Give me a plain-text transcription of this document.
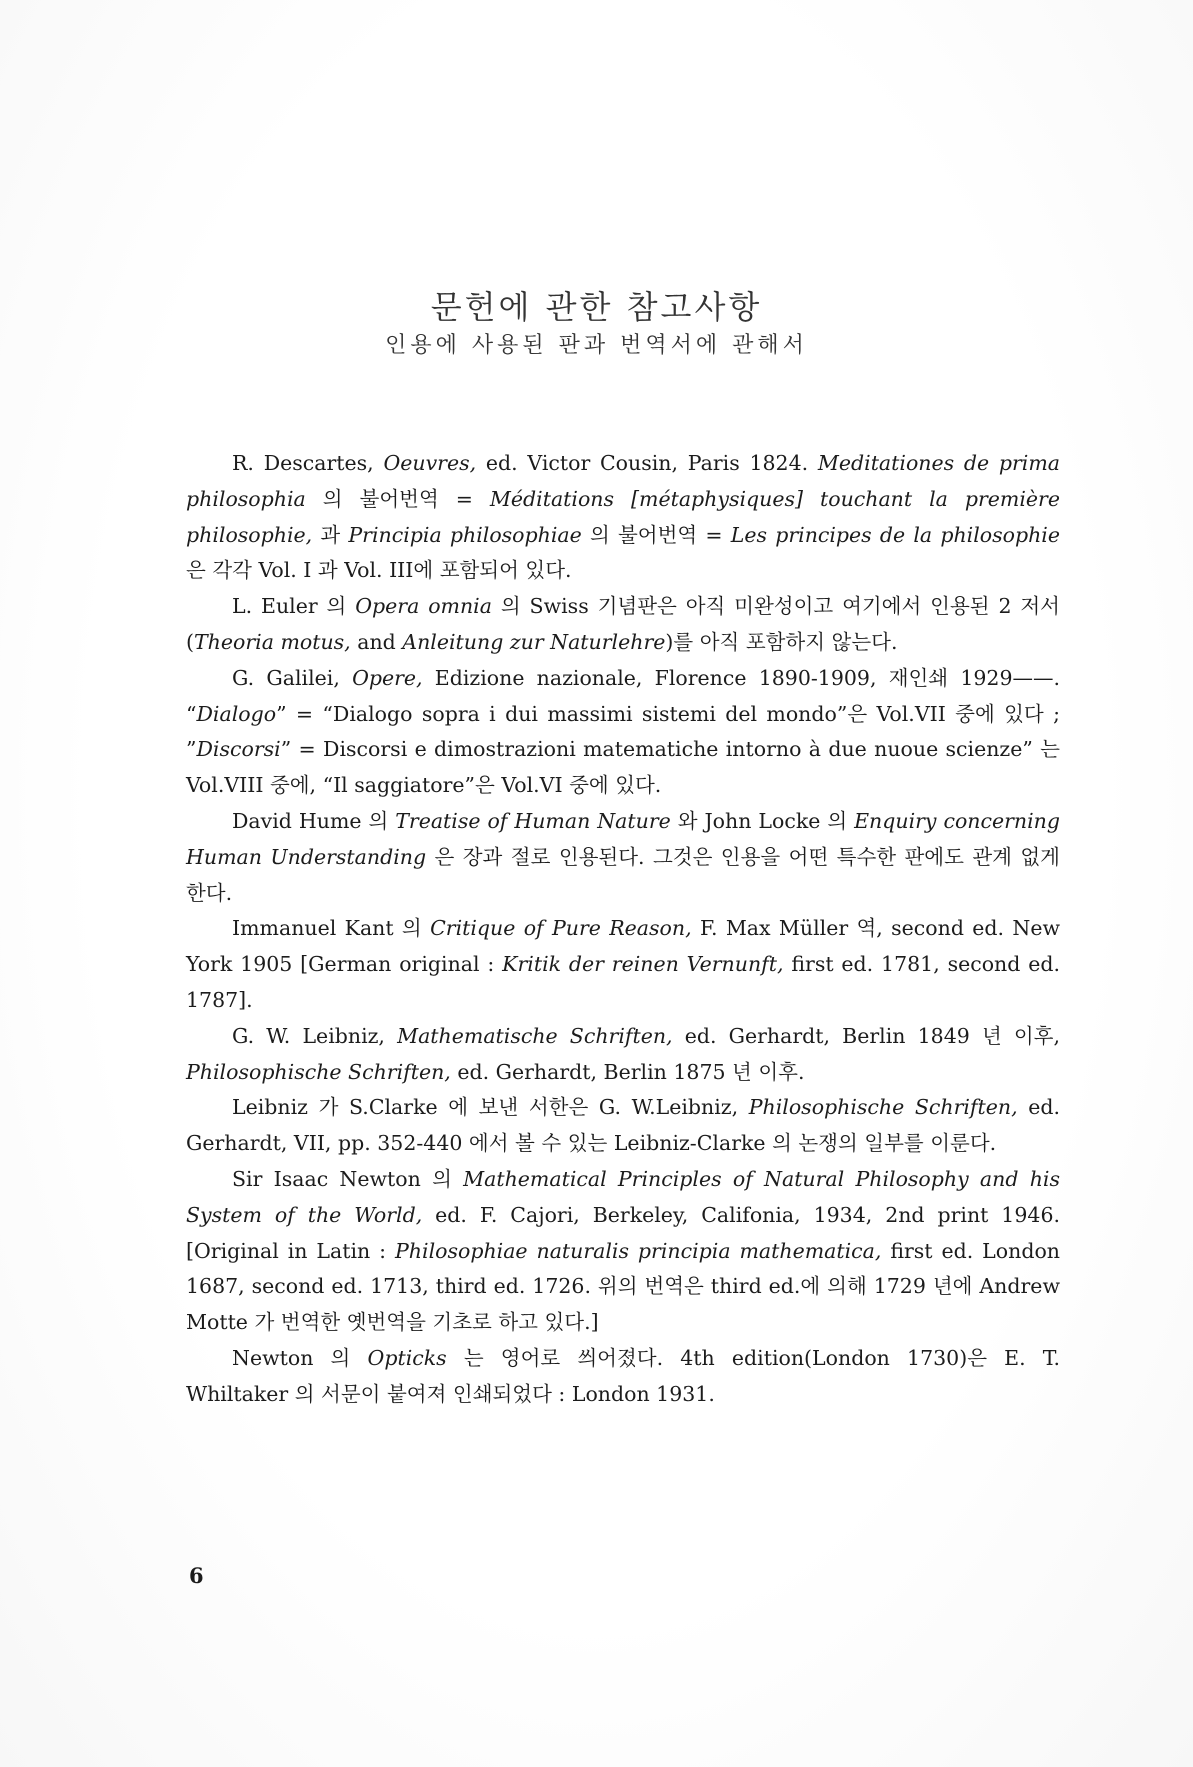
문헌에 관한 참고사항
인용에 사용된 판과 번역서에 관해서

R. Descartes, Oeuvres, ed. Victor Cousin, Paris 1824. Meditationes de prima philosophia 의 불어번역 = Méditations [métaphysiques] touchant la première philosophie, 과 Principia philosophiae 의 불어번역 = Les principes de la philosophie 은 각각 Vol. I 과 Vol. III에 포함되어 있다.

L. Euler 의 Opera omnia 의 Swiss 기념판은 아직 미완성이고 여기에서 인용된 2 저서(Theoria motus, and Anleitung zur Naturlehre)를 아직 포함하지 않는다.

G. Galilei, Opere, Edizione nazionale, Florence 1890-1909, 재인쇄 1929——. “Dialogo” = “Dialogo sopra i dui massimi sistemi del mondo”은 Vol.VII 중에 있다 ; ”Discorsi” = Discorsi e dimostrazioni matematiche intorno à due nuoue scienze” 는 Vol.VIII 중에, “Il saggiatore”은 Vol.VI 중에 있다.

David Hume 의 Treatise of Human Nature 와 John Locke 의 Enquiry concerning Human Understanding 은 장과 절로 인용된다. 그것은 인용을 어떤 특수한 판에도 관계 없게 한다.

Immanuel Kant 의 Critique of Pure Reason, F. Max Müller 역, second ed. New York 1905 [German original : Kritik der reinen Vernunft, first ed. 1781, second ed. 1787].

G. W. Leibniz, Mathematische Schriften, ed. Gerhardt, Berlin 1849 년 이후, Philosophische Schriften, ed. Gerhardt, Berlin 1875 년 이후.

Leibniz 가 S.Clarke 에 보낸 서한은 G. W.Leibniz, Philosophische Schriften, ed. Gerhardt, VII, pp. 352-440 에서 볼 수 있는 Leibniz-Clarke 의 논쟁의 일부를 이룬다.

Sir Isaac Newton 의 Mathematical Principles of Natural Philosophy and his System of the World, ed. F. Cajori, Berkeley, Califonia, 1934, 2nd print 1946. [Original in Latin : Philosophiae naturalis principia mathematica, first ed. London 1687, second ed. 1713, third ed. 1726. 위의 번역은 third ed.에 의해 1729 년에 Andrew Motte 가 번역한 옛번역을 기초로 하고 있다.]

Newton 의 Opticks 는 영어로 씌어졌다. 4th edition(London 1730)은 E. T. Whiltaker 의 서문이 붙여져 인쇄되었다 : London 1931.

6
